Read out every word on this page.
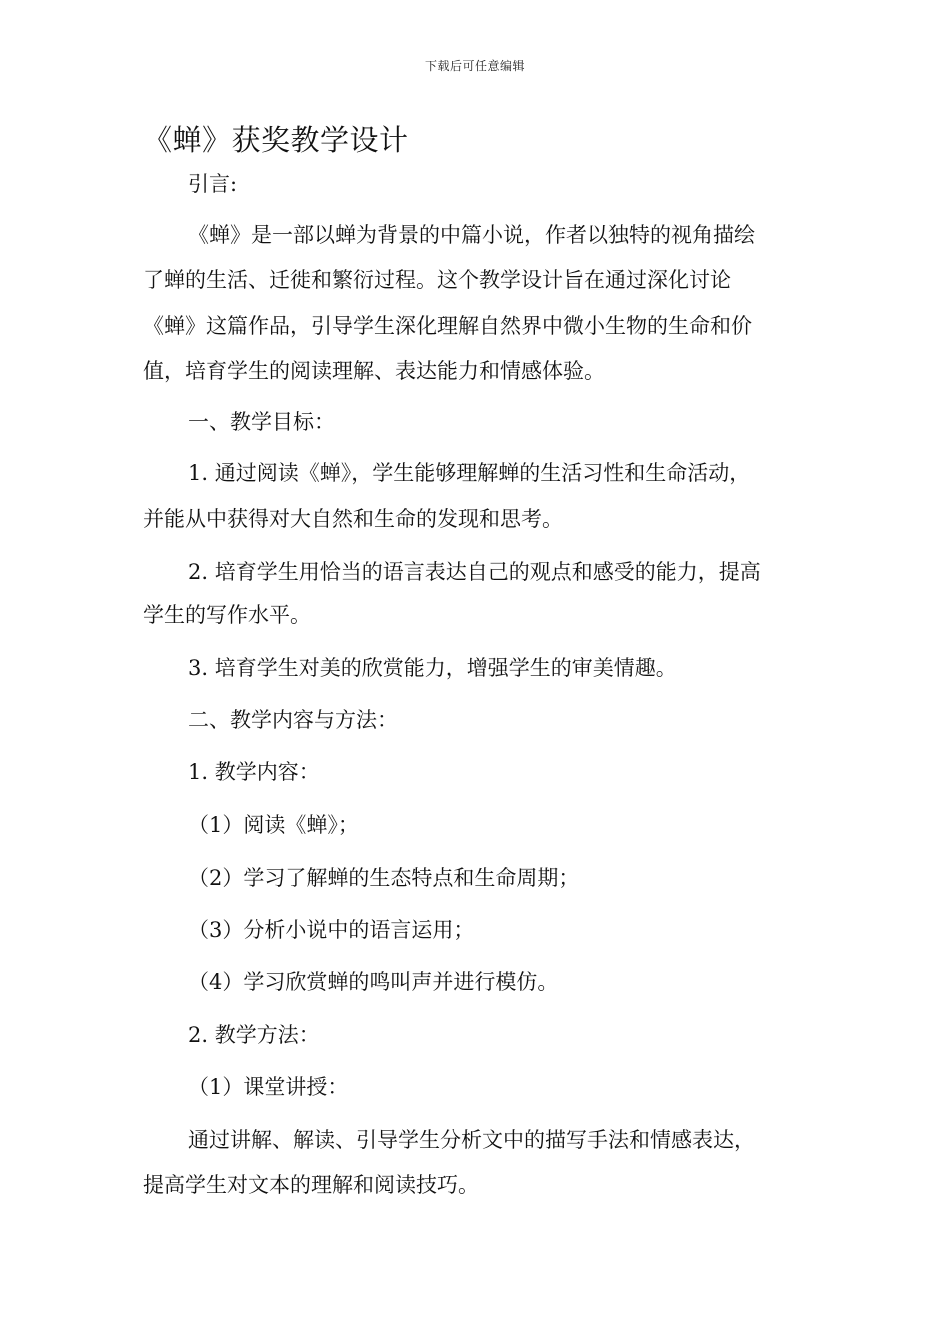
下载后可任意编辑
《蝉》获奖教学设计
引言:
《蝉》是一部以蝉为背景的中篇小说，作者以独特的视角描绘
了蝉的生活、迁徙和繁衍过程。这个教学设计旨在通过深化讨论
《蝉》这篇作品，引导学生深化理解自然界中微小生物的生命和价
值，培育学生的阅读理解、表达能力和情感体验。
一、教学目标：
1. 通过阅读《蝉》，学生能够理解蝉的生活习性和生命活动，
并能从中获得对大自然和生命的发现和思考。
2. 培育学生用恰当的语言表达自己的观点和感受的能力，提高
学生的写作水平。
3. 培育学生对美的欣赏能力，增强学生的审美情趣。
二、教学内容与方法：
1. 教学内容：
（1）阅读《蝉》；
（2）学习了解蝉的生态特点和生命周期；
（3）分析小说中的语言运用；
（4）学习欣赏蝉的鸣叫声并进行模仿。
2. 教学方法：
（1）课堂讲授：
通过讲解、解读、引导学生分析文中的描写手法和情感表达，
提高学生对文本的理解和阅读技巧。
